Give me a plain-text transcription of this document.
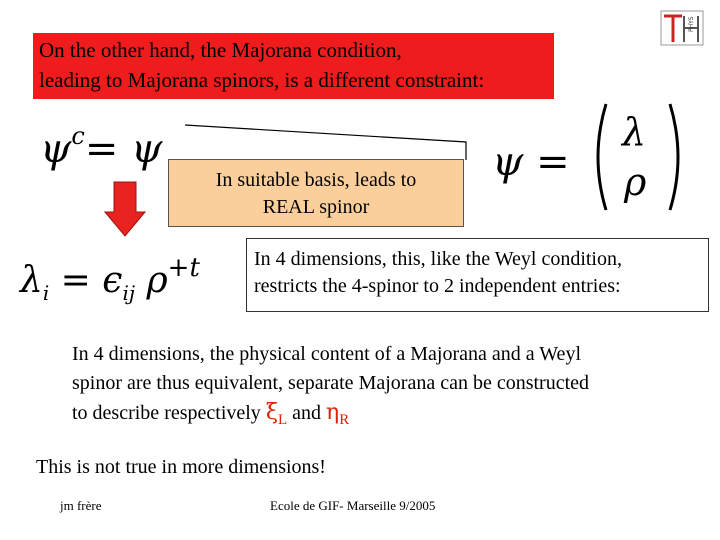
PHYS
On the other hand, the Majorana condition,
leading to Majorana spinors, is a different constraint:
$\psi^c= \psi$	ψ =
λ
ρ
In suitable basis, leads to
REAL spinor
$\lambda_i = \epsilon_{ij}$ $\rho^{+t}$	In 4 dimensions, this, like the Weyl condition,
restricts the 4-spinor to 2 independent entries:
In 4 dimensions, the physical content of a Majorana and a Weyl
spinor are thus equivalent, separate Majorana can be constructed
to describe respectively $\xi_L$ and $\eta_R$
This is not true in more dimensions!
jm frère	Ecole de GIF- Marseille 9/2005
